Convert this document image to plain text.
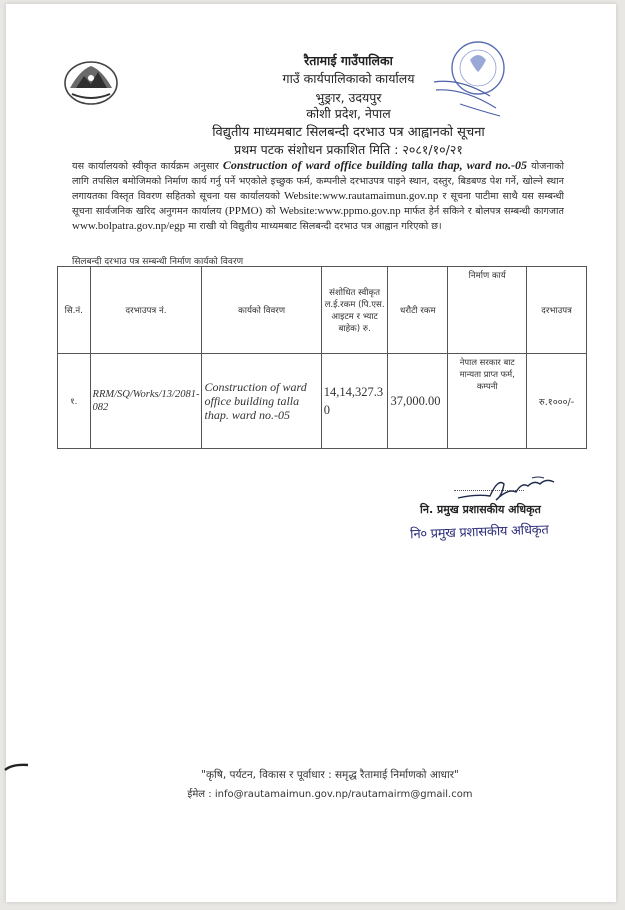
रैतामाई गाउँपालिका
गाउँ कार्यपालिकाको कार्यालय
भुङ्रार, उदयपुर
कोशी प्रदेश, नेपाल
विद्युतीय माध्यमबाट सिलबन्दी दरभाउ पत्र आह्वानको सूचना
प्रथम पटक संशोधन प्रकाशित मिति : २०८१/१०/२१
यस कार्यालयको स्वीकृत कार्यक्रम अनुसार Construction of ward office building talla thap, ward no.-05 योजनाको लागि तपसिल बमोजिमको निर्माण कार्य गर्नु पर्ने भएकोले इच्छुक फर्म, कम्पनीले दरभाउपत्र पाइने स्थान, दस्तुर, बिडबण्ड पेश गर्ने, खोल्ने स्थान लगायतका विस्तृत विवरण सहितको सूचना यस कार्यालयको Website:www.rautamaimun.gov.np र सूचना पाटीमा साथै यस सम्बन्धी सूचना सार्वजनिक खरिद अनुगमन कार्यालय (PPMO) को Website:www.ppmo.gov.np मार्फत हेर्न सकिने र बोलपत्र सम्बन्धी कागजात www.bolpatra.gov.np/egp मा राखी यो विद्युतीय माध्यमबाट सिलबन्दी दरभाउ पत्र आह्वान गरिएको छ।
सिलबन्दी दरभाउ पत्र सम्बन्धी निर्माण कार्यको विवरण
सि.नं.	दरभाउपत्र नं.	कार्यको विवरण	संशोधित स्वीकृत ल.ई.रकम (पि.एस. आइटम र भ्याट बाहेक) रु.	धरौटी रकम	निर्माण कार्य	दरभाउपत्र
१.	RRM/SQ/Works/13/2081-082	Construction of ward office building talla thap. ward no.-05	14,14,327.30	37,000.00	नेपाल सरकार बाट मान्यता प्राप्त फर्म, कम्पनी	रु.१०००/-
नि. प्रमुख प्रशासकीय अधिकृत
नि० प्रमुख प्रशासकीय अधिकृत
"कृषि, पर्यटन, विकास र पूर्वाधार : समृद्ध रैतामाई निर्माणको आधार"
ईमेल : info@rautamaimun.gov.np/rautamairm@gmail.com
